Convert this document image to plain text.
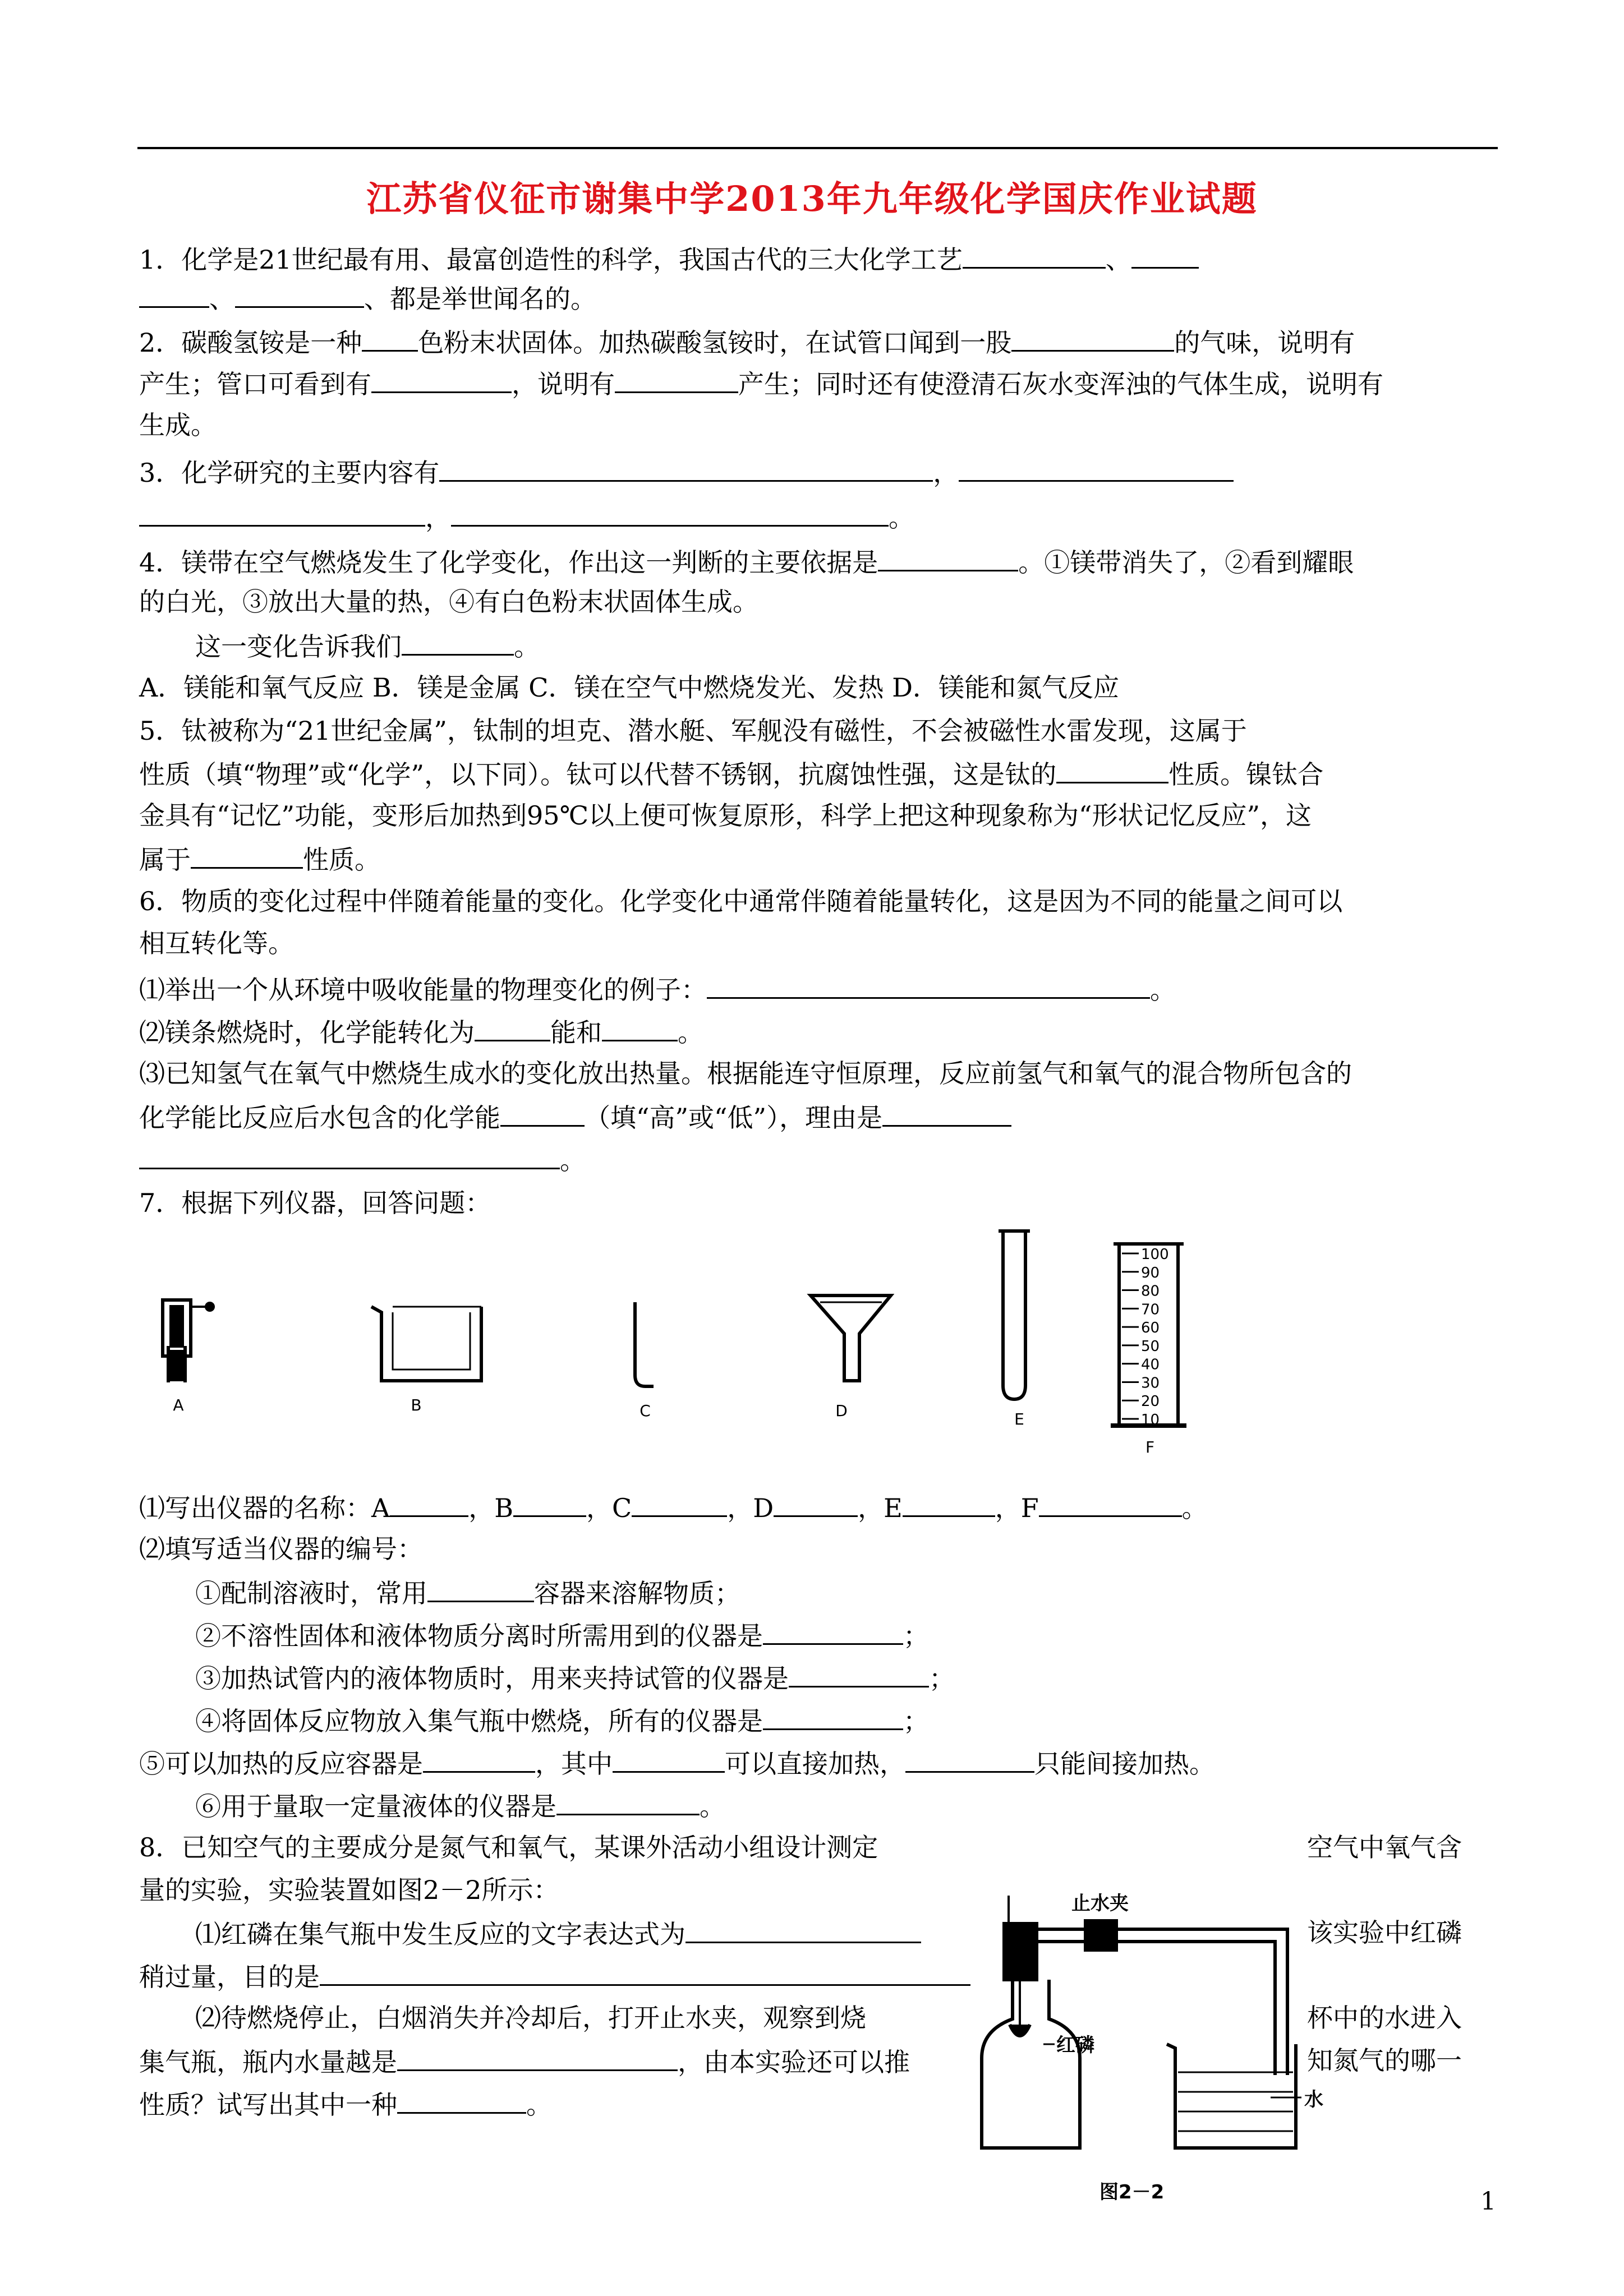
江苏省仪征市谢集中学2013年九年级化学国庆作业试题
1．化学是21世纪最有用、最富创造性的科学，我国古代的三大化学工艺	、
、	、都是举世闻名的。
2．碳酸氢铵是一种 色粉末状固体。加热碳酸氢铵时，在试管口闻到一股	的气味，说明有
产生；管口可看到有	，说明有	产生；同时还有使澄清石灰水变浑浊的气体生成，说明有
生成。
3．化学研究的主要内容有	，
，	。
4．镁带在空气燃烧发生了化学变化，作出这一判断的主要依据是	。①镁带消失了，②看到耀眼
的白光，③放出大量的热，④有白色粉末状固体生成。
这一变化告诉我们	。
A．镁能和氧气反应 B．镁是金属 C．镁在空气中燃烧发光、发热 D．镁能和氮气反应
5．钛被称为“21世纪金属”，钛制的坦克、潜水艇、军舰没有磁性，不会被磁性水雷发现，这属于
性质（填“物理”或“化学”，以下同）。钛可以代替不锈钢，抗腐蚀性强，这是钛的	性质。镍钛合
金具有“记忆”功能，变形后加热到95℃以上便可恢复原形，科学上把这种现象称为“形状记忆反应”，这
属于	性质。
6．物质的变化过程中伴随着能量的变化。化学变化中通常伴随着能量转化，这是因为不同的能量之间可以
相互转化等。
⑴举出一个从环境中吸收能量的物理变化的例子：	。
⑵镁条燃烧时，化学能转化为	能和	。
⑶已知氢气在氧气中燃烧生成水的变化放出热量。根据能连守恒原理，反应前氢气和氧气的混合物所包含的
化学能比反应后水包含的化学能	（填“高”或“低”），理由是
。
7．根据下列仪器，回答问题：
100
90
80
70
60
50
40
30
20
10
A	B	C	D	E
F
止水夹
红磷
水
图2－2
⑴写出仪器的名称：A	，B	，C	，D	，E	，F	。
⑵填写适当仪器的编号：
①配制溶液时，常用	容器来溶解物质；
②不溶性固体和液体物质分离时所需用到的仪器是	；
③加热试管内的液体物质时，用来夹持试管的仪器是	；
④将固体反应物放入集气瓶中燃烧，所有的仪器是	；
⑤可以加热的反应容器是	，其中	可以直接加热，	只能间接加热。
⑥用于量取一定量液体的仪器是	。
8．已知空气的主要成分是氮气和氧气，某课外活动小组设计测定	空气中氧气含
量的实验，实验装置如图2－2所示：
⑴红磷在集气瓶中发生反应的文字表达式为	该实验中红磷
稍过量，目的是
⑵待燃烧停止，白烟消失并冷却后，打开止水夹，观察到烧	杯中的水进入
集气瓶，瓶内水量越是	，由本实验还可以推	知氮气的哪一
性质？试写出其中一种	。
1
